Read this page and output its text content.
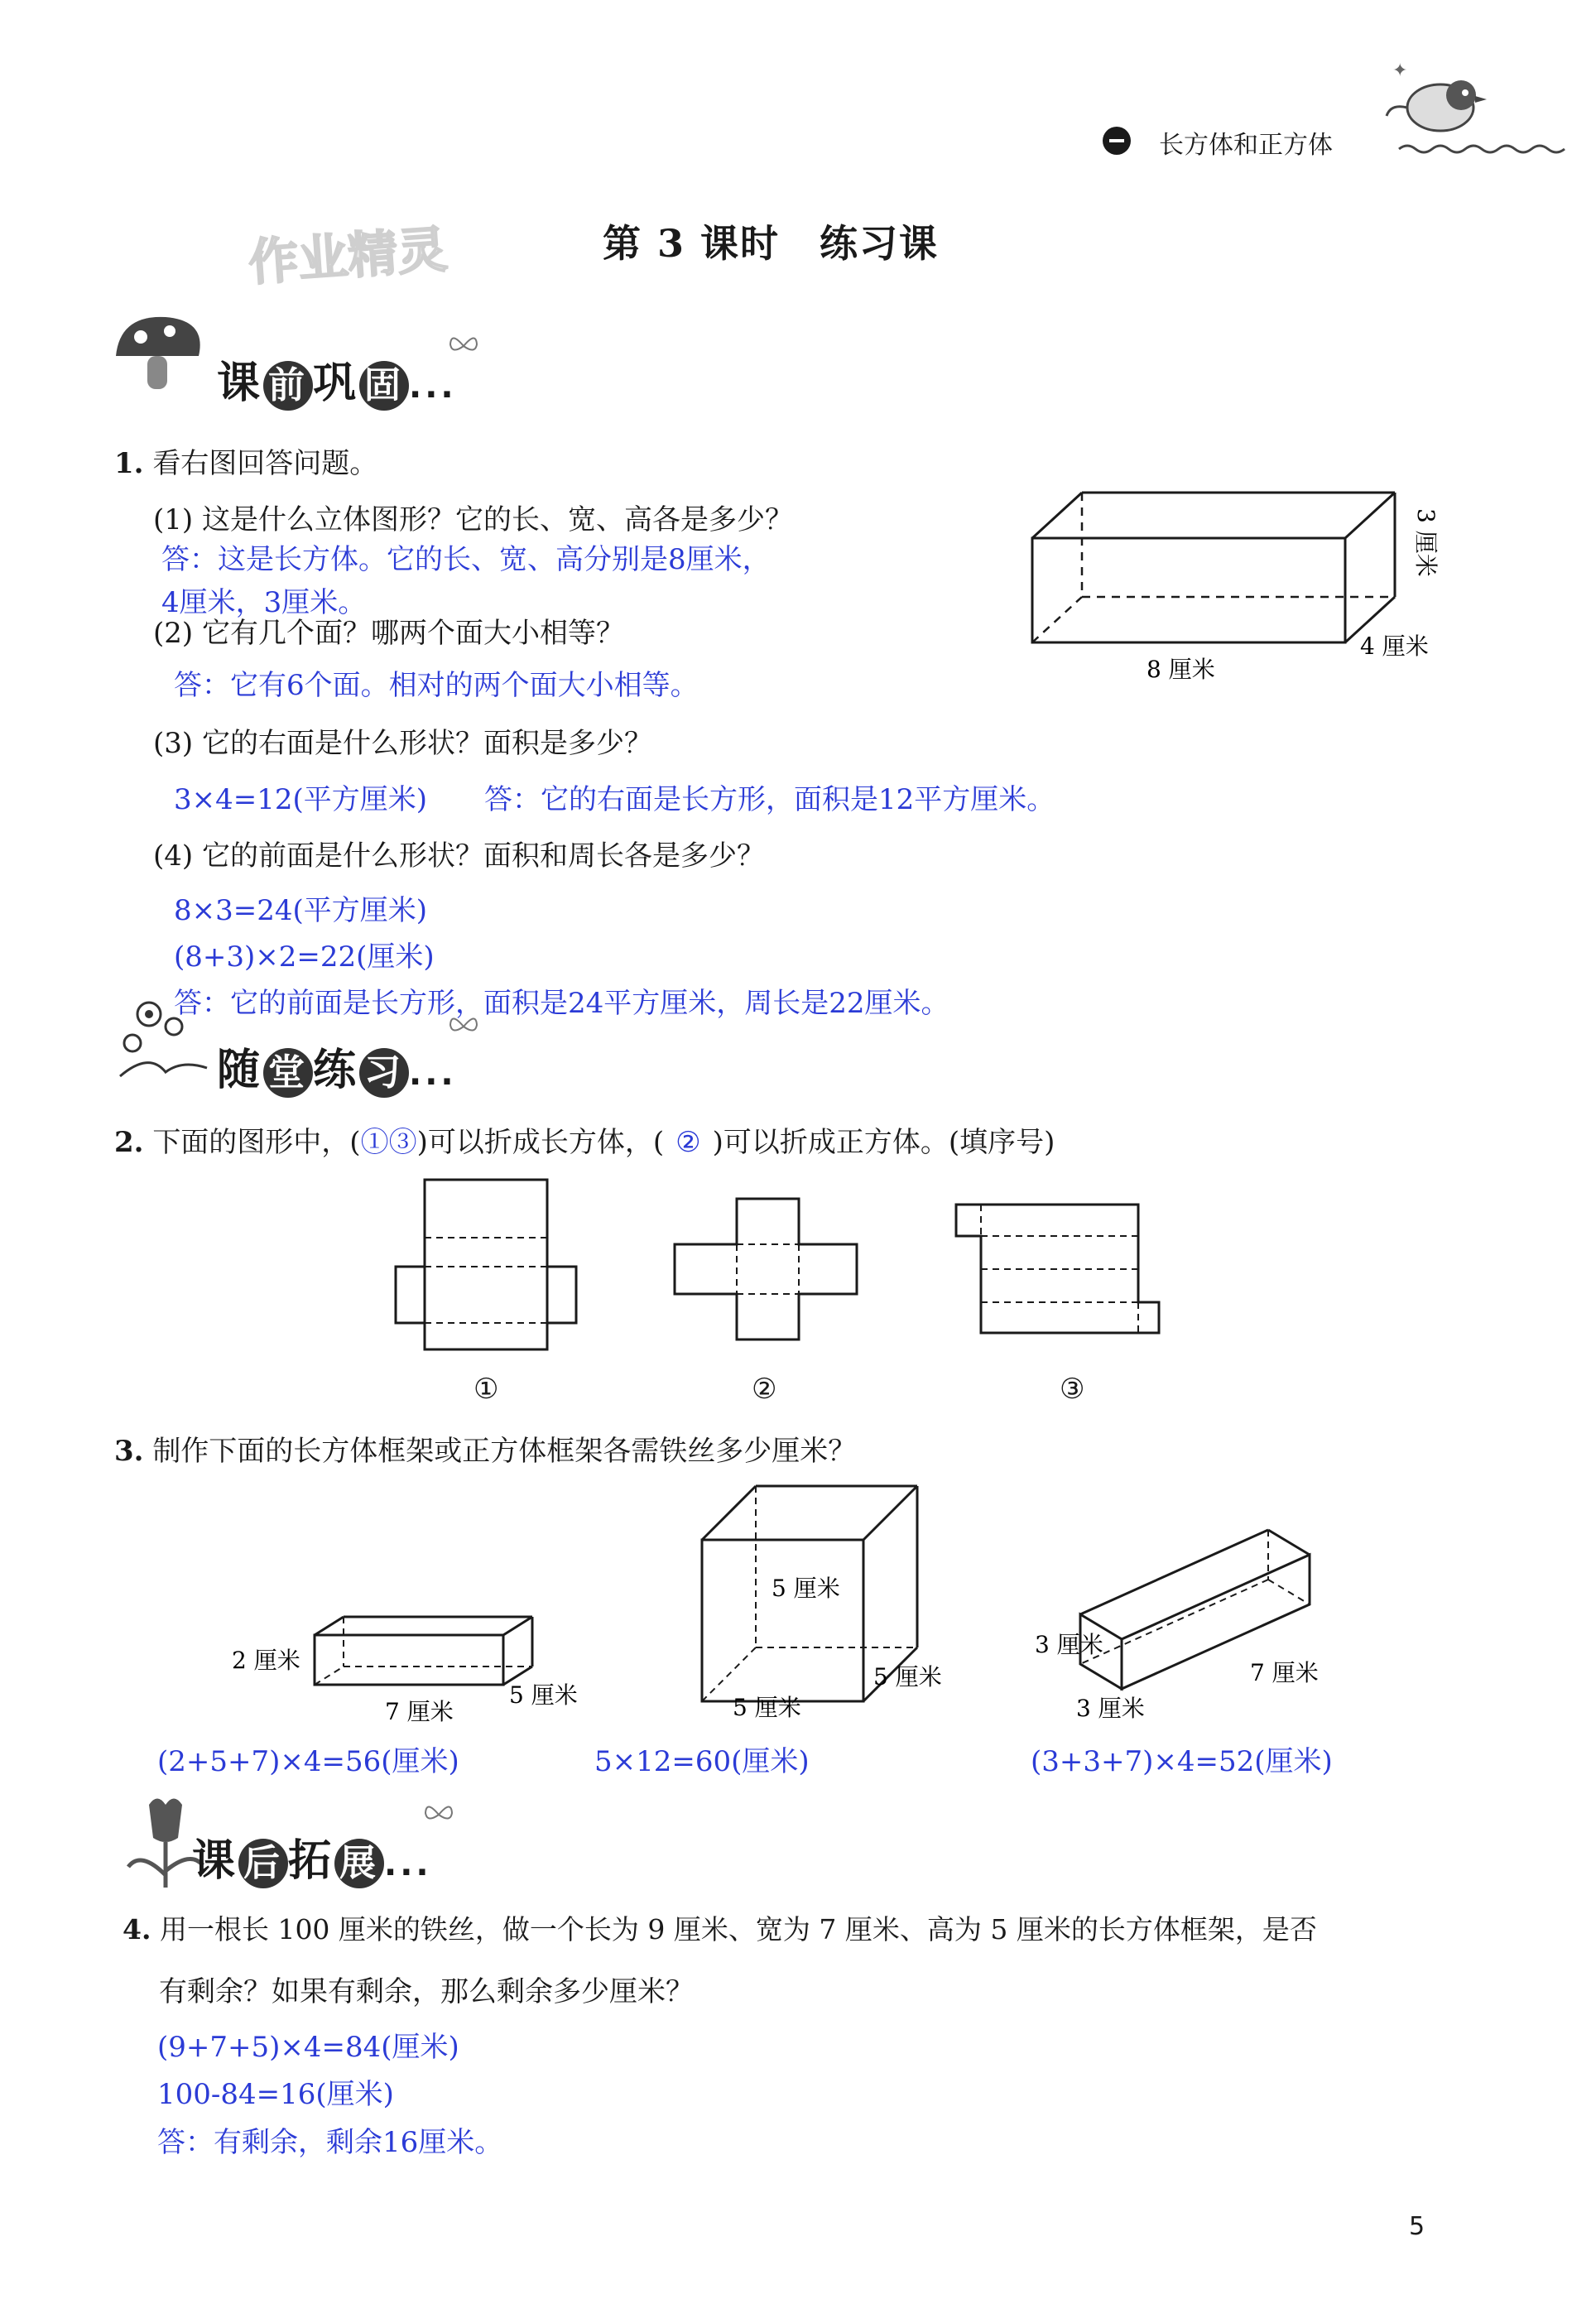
长方体和正方体
✦
作业精灵	第 3 课时　练习课
课 前 巩 固 ...
1. 看右图回答问题。
(1) 这是什么立体图形？它的长、宽、高各是多少？
答：这是长方体。它的长、宽、高分别是8厘米，
4厘米，3厘米。
(2) 它有几个面？哪两个面大小相等？
答：它有6个面。相对的两个面大小相等。
(3) 它的右面是什么形状？面积是多少？
3×4=12(平方厘米) 答：它的右面是长方形，面积是12平方厘米。
(4) 它的前面是什么形状？面积和周长各是多少？
8×3=24(平方厘米)
(8+3)×2=22(厘米)
答：它的前面是长方形，面积是24平方厘米，周长是22厘米。
8 厘米
4 厘米
3 厘米
随 堂 练 习 ...
2. 下面的图形中，(①③)可以折成长方体，( ② )可以折成正方体。(填序号)
①	②	③
3. 制作下面的长方体框架或正方体框架各需铁丝多少厘米？
2 厘米
7 厘米
5 厘米
(2+5+7)×4=56(厘米)
5 厘米
5 厘米
5 厘米
5×12=60(厘米)
3 厘米
3 厘米
7 厘米
(3+3+7)×4=52(厘米)
课 后 拓 展 ...
4. 用一根长 100 厘米的铁丝，做一个长为 9 厘米、宽为 7 厘米、高为 5 厘米的长方体框架，是否
有剩余？如果有剩余，那么剩余多少厘米？
(9+7+5)×4=84(厘米)
100-84=16(厘米)
答：有剩余，剩余16厘米。
5
